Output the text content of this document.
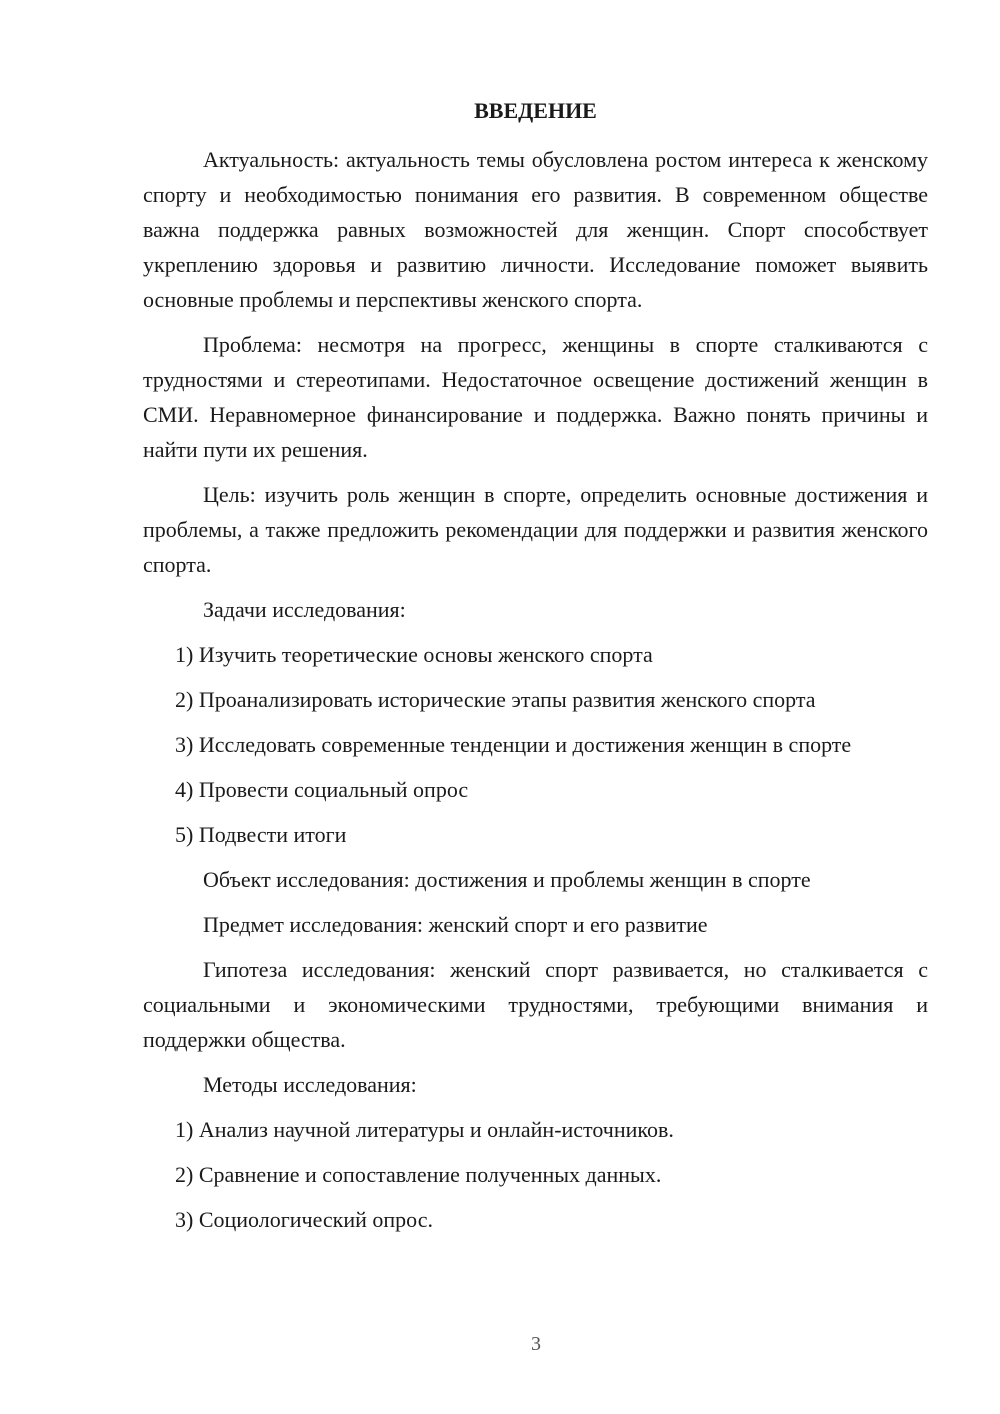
ВВЕДЕНИЕ

Актуальность: актуальность темы обусловлена ростом интереса к женскому спорту и необходимостью понимания его развития. В современном обществе важна поддержка равных возможностей для женщин. Спорт способствует укреплению здоровья и развитию личности. Исследование поможет выявить основные проблемы и перспективы женского спорта.

Проблема: несмотря на прогресс, женщины в спорте сталкиваются с трудностями и стереотипами. Недостаточное освещение достижений женщин в СМИ. Неравномерное финансирование и поддержка. Важно понять причины и найти пути их решения.

Цель: изучить роль женщин в спорте, определить основные достижения и проблемы, а также предложить рекомендации для поддержки и развития женского спорта.

Задачи исследования:

1) Изучить теоретические основы женского спорта

2) Проанализировать исторические этапы развития женского спорта

3) Исследовать современные тенденции и достижения женщин в спорте

4) Провести социальный опрос

5) Подвести итоги

Объект исследования: достижения и проблемы женщин в спорте

Предмет исследования: женский спорт и его развитие

Гипотеза исследования: женский спорт развивается, но сталкивается с социальными и экономическими трудностями, требующими внимания и поддержки общества.

Методы исследования:

1) Анализ научной литературы и онлайн-источников.

2) Сравнение и сопоставление полученных данных.

3) Социологический опрос.

3
